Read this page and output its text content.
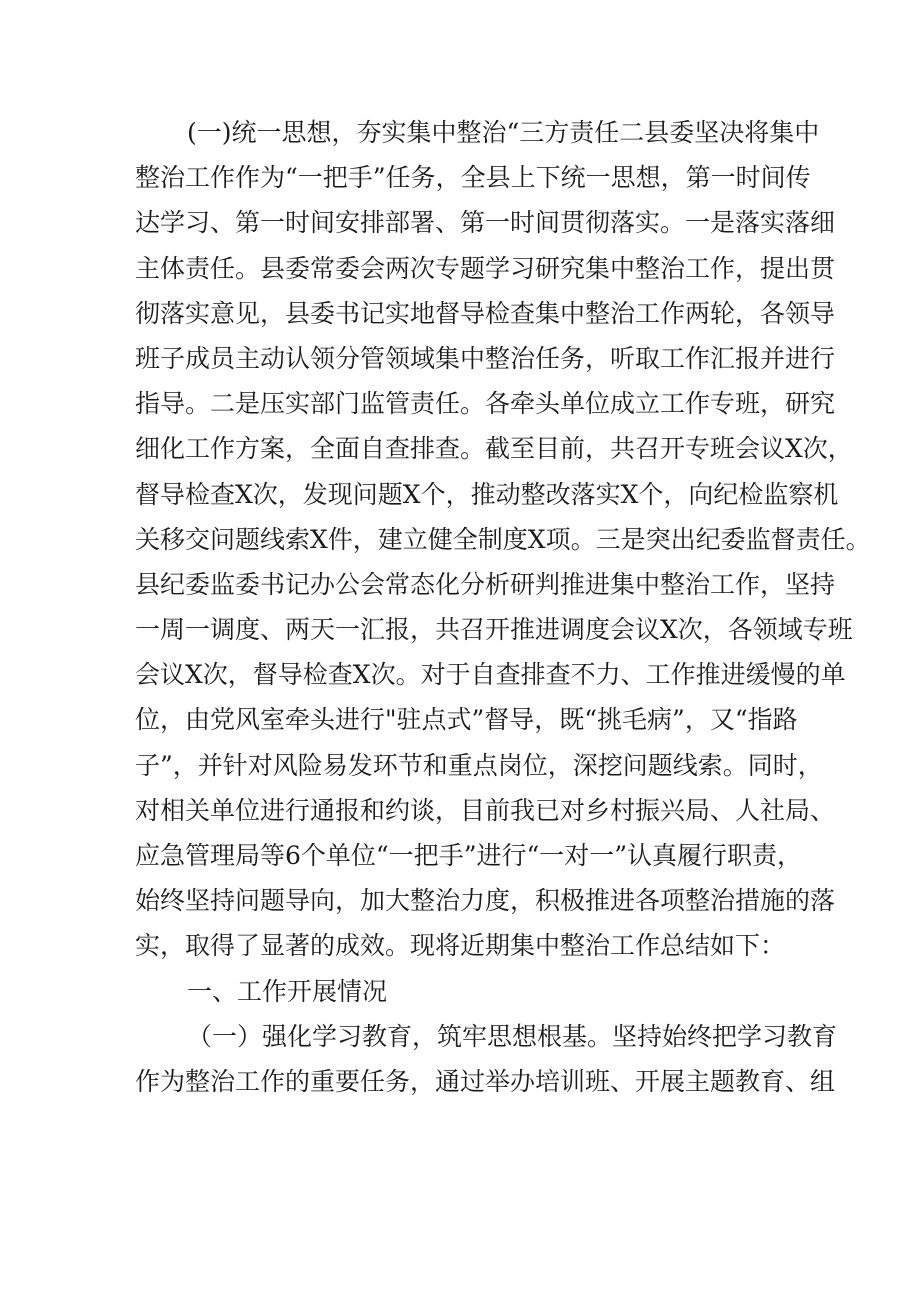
(一)统一思想，夯实集中整治“三方责任二县委坚决将集中
整治工作作为“一把手”任务，全县上下统一思想，第一时间传
达学习、第一时间安排部署、第一时间贯彻落实。一是落实落细
主体责任。县委常委会两次专题学习研究集中整治工作，提出贯
彻落实意见，县委书记实地督导检查集中整治工作两轮，各领导
班子成员主动认领分管领域集中整治任务，听取工作汇报并进行
指导。二是压实部门监管责任。各牵头单位成立工作专班，研究
细化工作方案，全面自查排查。截至目前，共召开专班会议X次，
督导检查X次，发现问题X个，推动整改落实X个，向纪检监察机
关移交问题线索X件，建立健全制度X项。三是突出纪委监督责任。
县纪委监委书记办公会常态化分析研判推进集中整治工作，坚持
一周一调度、两天一汇报，共召开推进调度会议X次，各领域专班
会议X次，督导检查X次。对于自查排查不力、工作推进缓慢的单
位，由党风室牵头进行"驻点式”督导，既“挑毛病”，又“指路
子”，并针对风险易发环节和重点岗位，深挖问题线索。同时，
对相关单位进行通报和约谈，目前我已对乡村振兴局、人社局、
应急管理局等6个单位“一把手”进行“一对一”认真履行职责，
始终坚持问题导向，加大整治力度，积极推进各项整治措施的落
实，取得了显著的成效。现将近期集中整治工作总结如下：
一、工作开展情况
（一）强化学习教育，筑牢思想根基。坚持始终把学习教育
作为整治工作的重要任务，通过举办培训班、开展主题教育、组
